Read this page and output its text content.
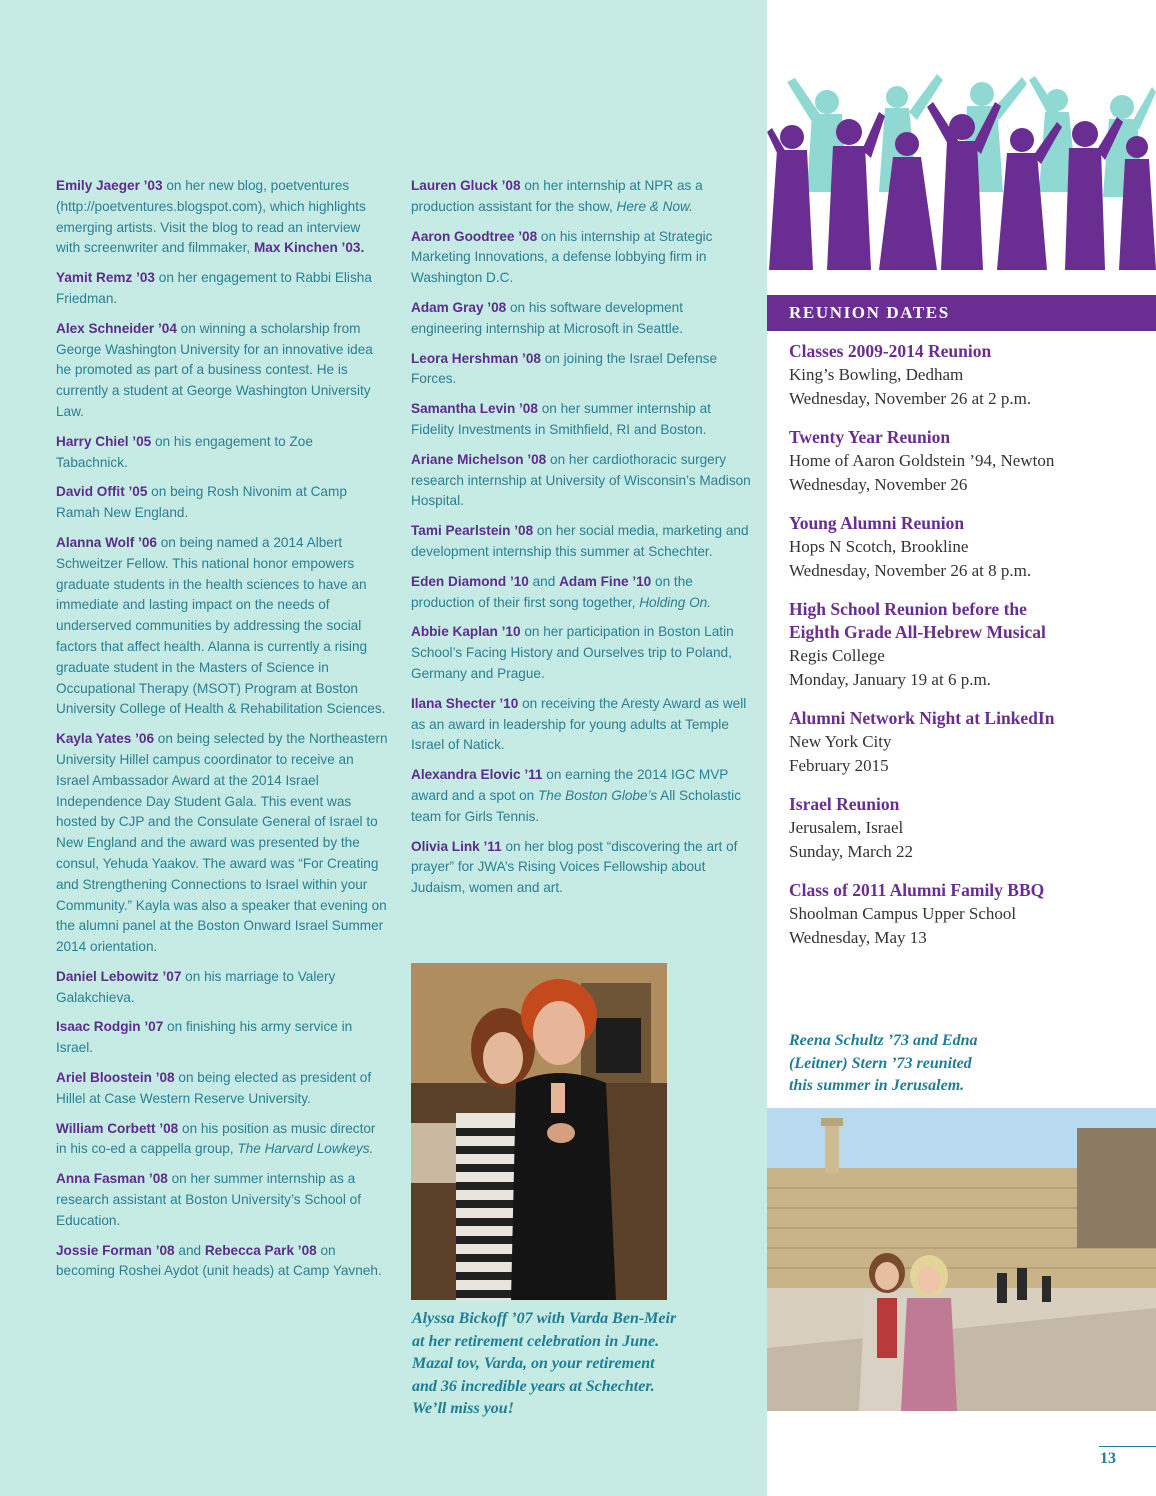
Emily Jaeger ’03 on her new blog, poetventures (http://poetventures.blogspot.com), which highlights emerging artists. Visit the blog to read an interview with screenwriter and filmmaker, Max Kinchen ’03.

Yamit Remz ’03 on her engagement to Rabbi Elisha Friedman.

Alex Schneider ’04 on winning a scholarship from George Washington University for an innovative idea he promoted as part of a business contest. He is currently a student at George Washington University Law.

Harry Chiel ’05 on his engagement to Zoe Tabachnick.

David Offit ’05 on being Rosh Nivonim at Camp Ramah New England.

Alanna Wolf ’06 on being named a 2014 Albert Schweitzer Fellow. This national honor empowers graduate students in the health sciences to have an immediate and lasting impact on the needs of underserved communities by addressing the social factors that affect health. Alanna is currently a rising graduate student in the Masters of Science in Occupational Therapy (MSOT) Program at Boston University College of Health & Rehabilitation Sciences.

Kayla Yates ’06 on being selected by the Northeastern University Hillel campus coordinator to receive an Israel Ambassador Award at the 2014 Israel Independence Day Student Gala. This event was hosted by CJP and the Consulate General of Israel to New England and the award was presented by the consul, Yehuda Yaakov. The award was “For Creating and Strengthening Connections to Israel within your Community.” Kayla was also a speaker that evening on the alumni panel at the Boston Onward Israel Summer 2014 orientation.

Daniel Lebowitz ’07 on his marriage to Valery Galakchieva.

Isaac Rodgin ’07 on finishing his army service in Israel.

Ariel Bloostein ’08 on being elected as president of Hillel at Case Western Reserve University.

William Corbett ’08 on his position as music director in his co-ed a cappella group, The Harvard Lowkeys.

Anna Fasman ’08 on her summer internship as a research assistant at Boston University’s School of Education.

Jossie Forman ’08 and Rebecca Park ’08 on becoming Roshei Aydot (unit heads) at Camp Yavneh.

Lauren Gluck ’08 on her internship at NPR as a production assistant for the show, Here & Now.

Aaron Goodtree ’08 on his internship at Strategic Marketing Innovations, a defense lobbying firm in Washington D.C.

Adam Gray ’08 on his software development engineering internship at Microsoft in Seattle.

Leora Hershman ’08 on joining the Israel Defense Forces.

Samantha Levin ’08 on her summer internship at Fidelity Investments in Smithfield, RI and Boston.

Ariane Michelson ’08 on her cardiothoracic surgery research internship at University of Wisconsin’s Madison Hospital.

Tami Pearlstein ’08 on her social media, marketing and development internship this summer at Schechter.

Eden Diamond ’10 and Adam Fine ’10 on the production of their first song together, Holding On.

Abbie Kaplan ’10 on her participation in Boston Latin School’s Facing History and Ourselves trip to Poland, Germany and Prague.

Ilana Shecter ’10 on receiving the Aresty Award as well as an award in leadership for young adults at Temple Israel of Natick.

Alexandra Elovic ’11 on earning the 2014 IGC MVP award and a spot on The Boston Globe’s All Scholastic team for Girls Tennis.

Olivia Link ’11 on her blog post “discovering the art of prayer” for JWA’s Rising Voices Fellowship about Judaism, women and art.

Alyssa Bickoff ’07 with Varda Ben-Meir
at her retirement celebration in June.
Mazal tov, Varda, on your retirement
and 36 incredible years at Schechter.
We’ll miss you!
REUNION DATES
Classes 2009-2014 Reunion
King’s Bowling, Dedham
Wednesday, November 26 at 2 p.m.
Twenty Year Reunion
Home of Aaron Goldstein ’94, Newton
Wednesday, November 26
Young Alumni Reunion
Hops N Scotch, Brookline
Wednesday, November 26 at 8 p.m.
High School Reunion before the
Eighth Grade All-Hebrew Musical
Regis College
Monday, January 19 at 6 p.m.
Alumni Network Night at LinkedIn
New York City
February 2015
Israel Reunion
Jerusalem, Israel
Sunday, March 22
Class of 2011 Alumni Family BBQ
Shoolman Campus Upper School
Wednesday, May 13
Reena Schultz ’73 and Edna
(Leitner) Stern ’73 reunited
this summer in Jerusalem.
13
